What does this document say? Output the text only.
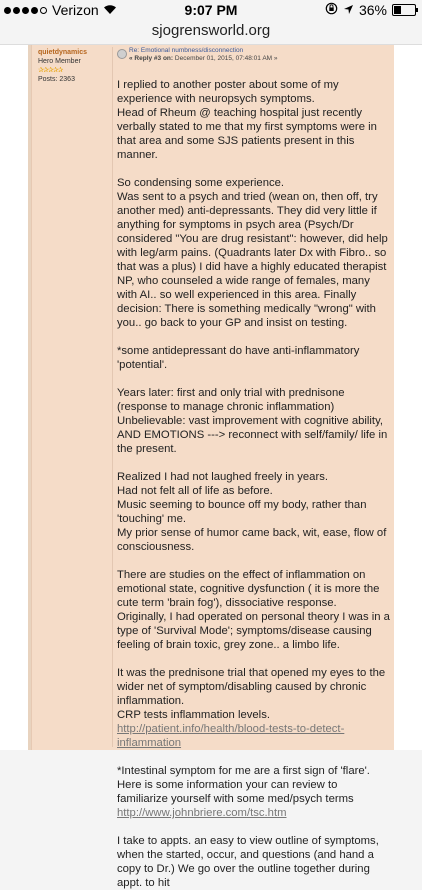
Verizon	9:07 PM	36%
sjogrensworld.org
quietdynamics
Hero Member
✰✰✰✰✰
Posts: 2363
Re: Emotional numbness/disconnection
« Reply #3 on: December 01, 2015, 07:48:01 AM »

I replied to another poster about some of my experience with neuropsych symptoms.
Head of Rheum @ teaching hospital just recently verbally stated to me that my first symptoms were in that area and some SJS patients present in this manner.

So condensing some experience.
Was sent to a psych and tried (wean on, then off, try another med) anti-depressants. They did very little if anything for symptoms in psych area (Psych/Dr considered "You are drug resistant": however, did help with leg/arm pains. (Quadrants later Dx with Fibro.. so that was a plus) I did have a highly educated therapist NP, who counseled a wide range of females, many with AI.. so well experienced in this area. Finally decision: There is something medically "wrong" with you.. go back to your GP and insist on testing.

*some antidepressant do have anti-inflammatory 'potential'.

Years later: first and only trial with prednisone (response to manage chronic inflammation)
Unbelievable: vast improvement with cognitive ability, AND EMOTIONS ---> reconnect with self/family/ life in the present.

Realized I had not laughed freely in years.
Had not felt all of life as before.
Music seeming to bounce off my body, rather than 'touching' me.
My prior sense of humor came back, wit, ease, flow of consciousness.

There are studies on the effect of inflammation on emotional state, cognitive dysfunction ( it is more the cute term 'brain fog'), dissociative response.
Originally, I had operated on personal theory I was in a type of 'Survival Mode'; symptoms/disease causing feeling of brain toxic, grey zone.. a limbo life.

It was the prednisone trial that opened my eyes to the wider net of symptom/disabling caused by chronic inflammation.
CRP tests inflammation levels.

http://patient.info/health/blood-tests-to-detect-inflammation

*Intestinal symptom for me are a first sign of 'flare'.
Here is some information your can review to familiarize yourself with some med/psych terms

http://www.johnbriere.com/tsc.htm

I take to appts. an easy to view outline of symptoms, when the started, occur, and questions (and hand a copy to Dr.) We go over the outline together during appt. to hit
